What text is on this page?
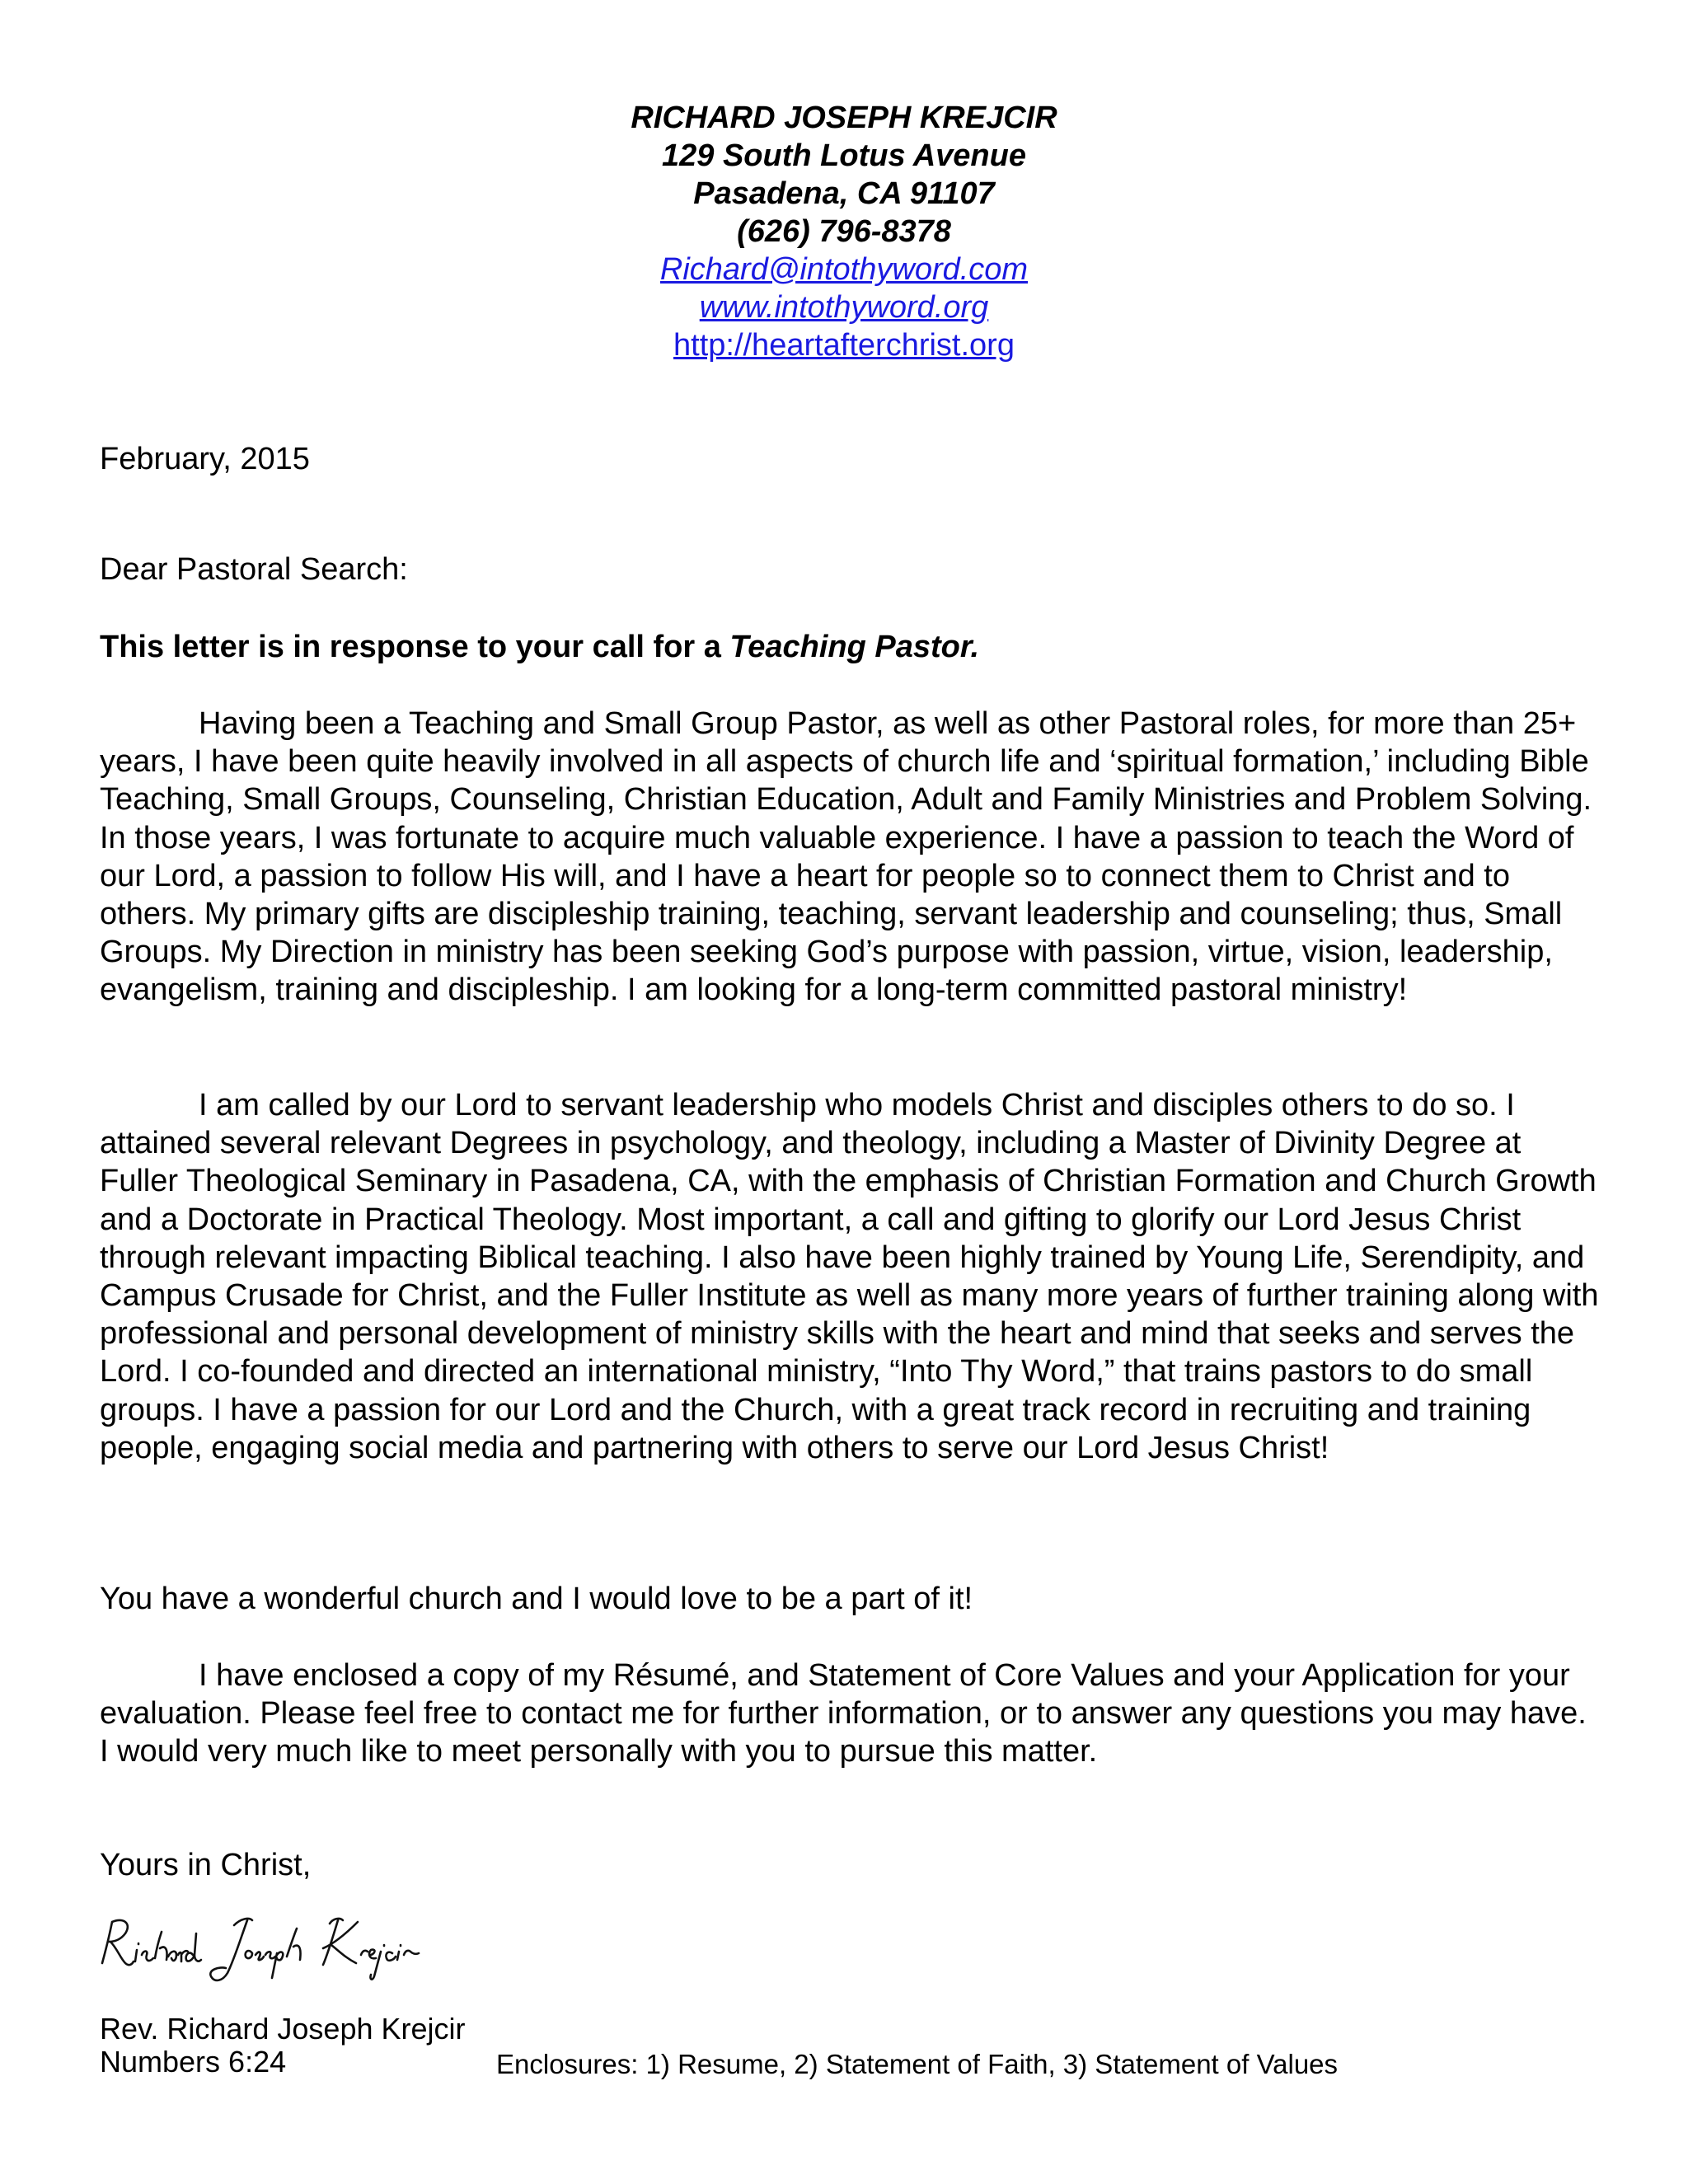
RICHARD JOSEPH KREJCIR
129 South Lotus Avenue
Pasadena, CA 91107
(626) 796-8378
Richard@intothyword.com
www.intothyword.org
http://heartafterchrist.org
February, 2015
Dear Pastoral Search:
This letter is in response to your call for a Teaching Pastor.
Having been a Teaching and Small Group Pastor, as well as other Pastoral roles, for more than 25+ years, I have been quite heavily involved in all aspects of church life and ‘spiritual formation,’ including Bible Teaching, Small Groups, Counseling, Christian Education, Adult and Family Ministries and Problem Solving. In those years, I was fortunate to acquire much valuable experience. I have a passion to teach the Word of our Lord, a passion to follow His will, and I have a heart for people so to connect them to Christ and to others. My primary gifts are discipleship training, teaching, servant leadership and counseling; thus, Small Groups. My Direction in ministry has been seeking God’s purpose with passion, virtue, vision, leadership, evangelism, training and discipleship. I am looking for a long-term committed pastoral ministry!
I am called by our Lord to servant leadership who models Christ and disciples others to do so. I attained several relevant Degrees in psychology, and theology, including a Master of Divinity Degree at Fuller Theological Seminary in Pasadena, CA, with the emphasis of Christian Formation and Church Growth and a Doctorate in Practical Theology. Most important, a call and gifting to glorify our Lord Jesus Christ through relevant impacting Biblical teaching. I also have been highly trained by Young Life, Serendipity, and Campus Crusade for Christ, and the Fuller Institute as well as many more years of further training along with professional and personal development of ministry skills with the heart and mind that seeks and serves the Lord. I co-founded and directed an international ministry, “Into Thy Word,” that trains pastors to do small groups. I have a passion for our Lord and the Church, with a great track record in recruiting and training people, engaging social media and partnering with others to serve our Lord Jesus Christ!
You have a wonderful church and I would love to be a part of it!
I have enclosed a copy of my Résumé, and Statement of Core Values and your Application for your evaluation. Please feel free to contact me for further information, or to answer any questions you may have. I would very much like to meet personally with you to pursue this matter.
Yours in Christ,
Rev. Richard Joseph Krejcir
Numbers 6:24	Enclosures: 1) Resume, 2) Statement of Faith, 3) Statement of Values
